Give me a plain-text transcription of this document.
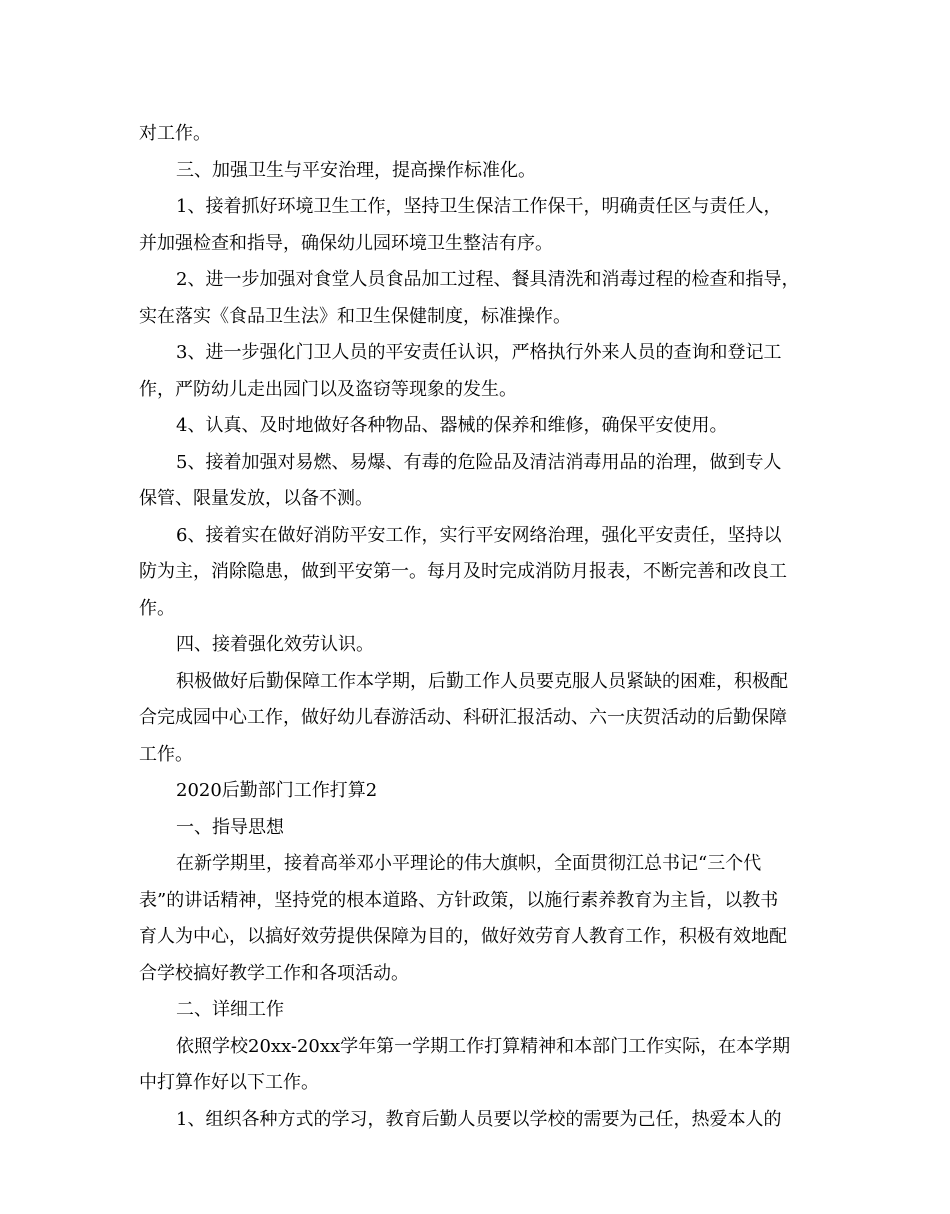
对工作。
三、加强卫生与平安治理，提高操作标准化。
1、接着抓好环境卫生工作，坚持卫生保洁工作保干，明确责任区与责任人，
并加强检查和指导，确保幼儿园环境卫生整洁有序。
2、进一步加强对食堂人员食品加工过程、餐具清洗和消毒过程的检查和指导，
实在落实《食品卫生法》和卫生保健制度，标准操作。
3、进一步强化门卫人员的平安责任认识，严格执行外来人员的查询和登记工
作，严防幼儿走出园门以及盗窃等现象的发生。
4、认真、及时地做好各种物品、器械的保养和维修，确保平安使用。
5、接着加强对易燃、易爆、有毒的危险品及清洁消毒用品的治理，做到专人
保管、限量发放，以备不测。
6、接着实在做好消防平安工作，实行平安网络治理，强化平安责任，坚持以
防为主，消除隐患，做到平安第一。每月及时完成消防月报表，不断完善和改良工
作。
四、接着强化效劳认识。
积极做好后勤保障工作本学期，后勤工作人员要克服人员紧缺的困难，积极配
合完成园中心工作，做好幼儿春游活动、科研汇报活动、六一庆贺活动的后勤保障
工作。
2020后勤部门工作打算2
一、指导思想
在新学期里，接着高举邓小平理论的伟大旗帜，全面贯彻江总书记“三个代
表”的讲话精神，坚持党的根本道路、方针政策，以施行素养教育为主旨，以教书
育人为中心，以搞好效劳提供保障为目的，做好效劳育人教育工作，积极有效地配
合学校搞好教学工作和各项活动。
二、详细工作
依照学校20xx-20xx学年第一学期工作打算精神和本部门工作实际，在本学期
中打算作好以下工作。
1、组织各种方式的学习，教育后勤人员要以学校的需要为己任，热爱本人的
